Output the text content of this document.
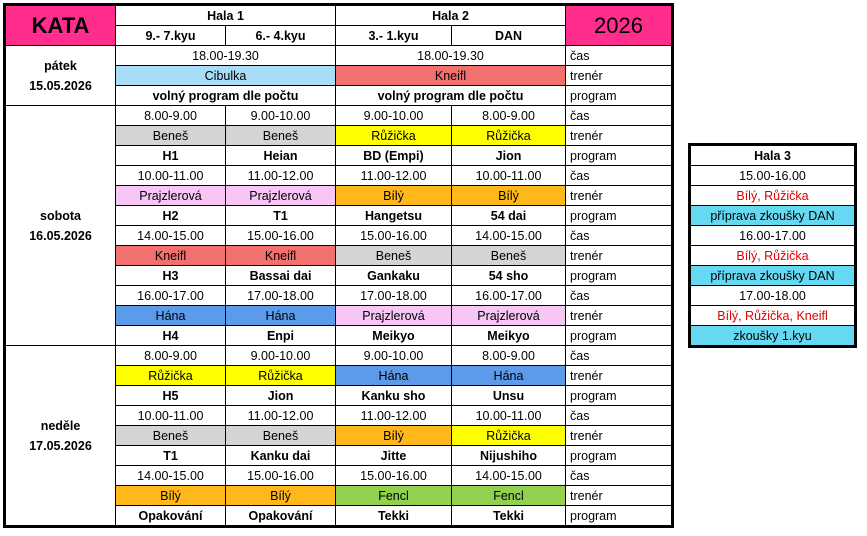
KATA	Hala 1		Hala 2		2026
	9.- 7.kyu	6.- 4.kyu	3.- 1.kyu	DAN	

pátek
15.05.2026	18.00-19.30		18.00-19.30		čas
	Cibulka		Kneifl		trenér
	volný program dle počtu		volný program dle počtu		program

sobota
16.05.2026	8.00-9.00	9.00-10.00	9.00-10.00	8.00-9.00	čas
	Beneš	Beneš	Růžička	Růžička	trenér
	H1	Heian	BD (Empi)	Jion	program
	10.00-11.00	11.00-12.00	11.00-12.00	10.00-11.00	čas
	Prajzlerová	Prajzlerová	Bílý	Bílý	trenér
	H2	T1	Hangetsu	54 dai	program
	14.00-15.00	15.00-16.00	15.00-16.00	14.00-15.00	čas
	Kneifl	Kneifl	Beneš	Beneš	trenér
	H3	Bassai dai	Gankaku	54 sho	program
	16.00-17.00	17.00-18.00	17.00-18.00	16.00-17.00	čas
	Hána	Hána	Prajzlerová	Prajzlerová	trenér
	H4	Enpi	Meikyo	Meikyo	program

neděle
17.05.2026	8.00-9.00	9.00-10.00	9.00-10.00	8.00-9.00	čas
	Růžička	Růžička	Hána	Hána	trenér
	H5	Jion	Kanku sho	Unsu	program
	10.00-11.00	11.00-12.00	11.00-12.00	10.00-11.00	čas
	Beneš	Beneš	Bílý	Růžička	trenér
	T1	Kanku dai	Jitte	Nijushiho	program
	14.00-15.00	15.00-16.00	15.00-16.00	14.00-15.00	čas
	Bílý	Bílý	Fencl	Fencl	trenér
	Opakování	Opakování	Tekki	Tekki	program
Hala 3
15.00-16.00
Bílý, Růžička
příprava zkoušky DAN
16.00-17.00
Bílý, Růžička
příprava zkoušky DAN
17.00-18.00
Bílý, Růžička, Kneifl
zkoušky 1.kyu
